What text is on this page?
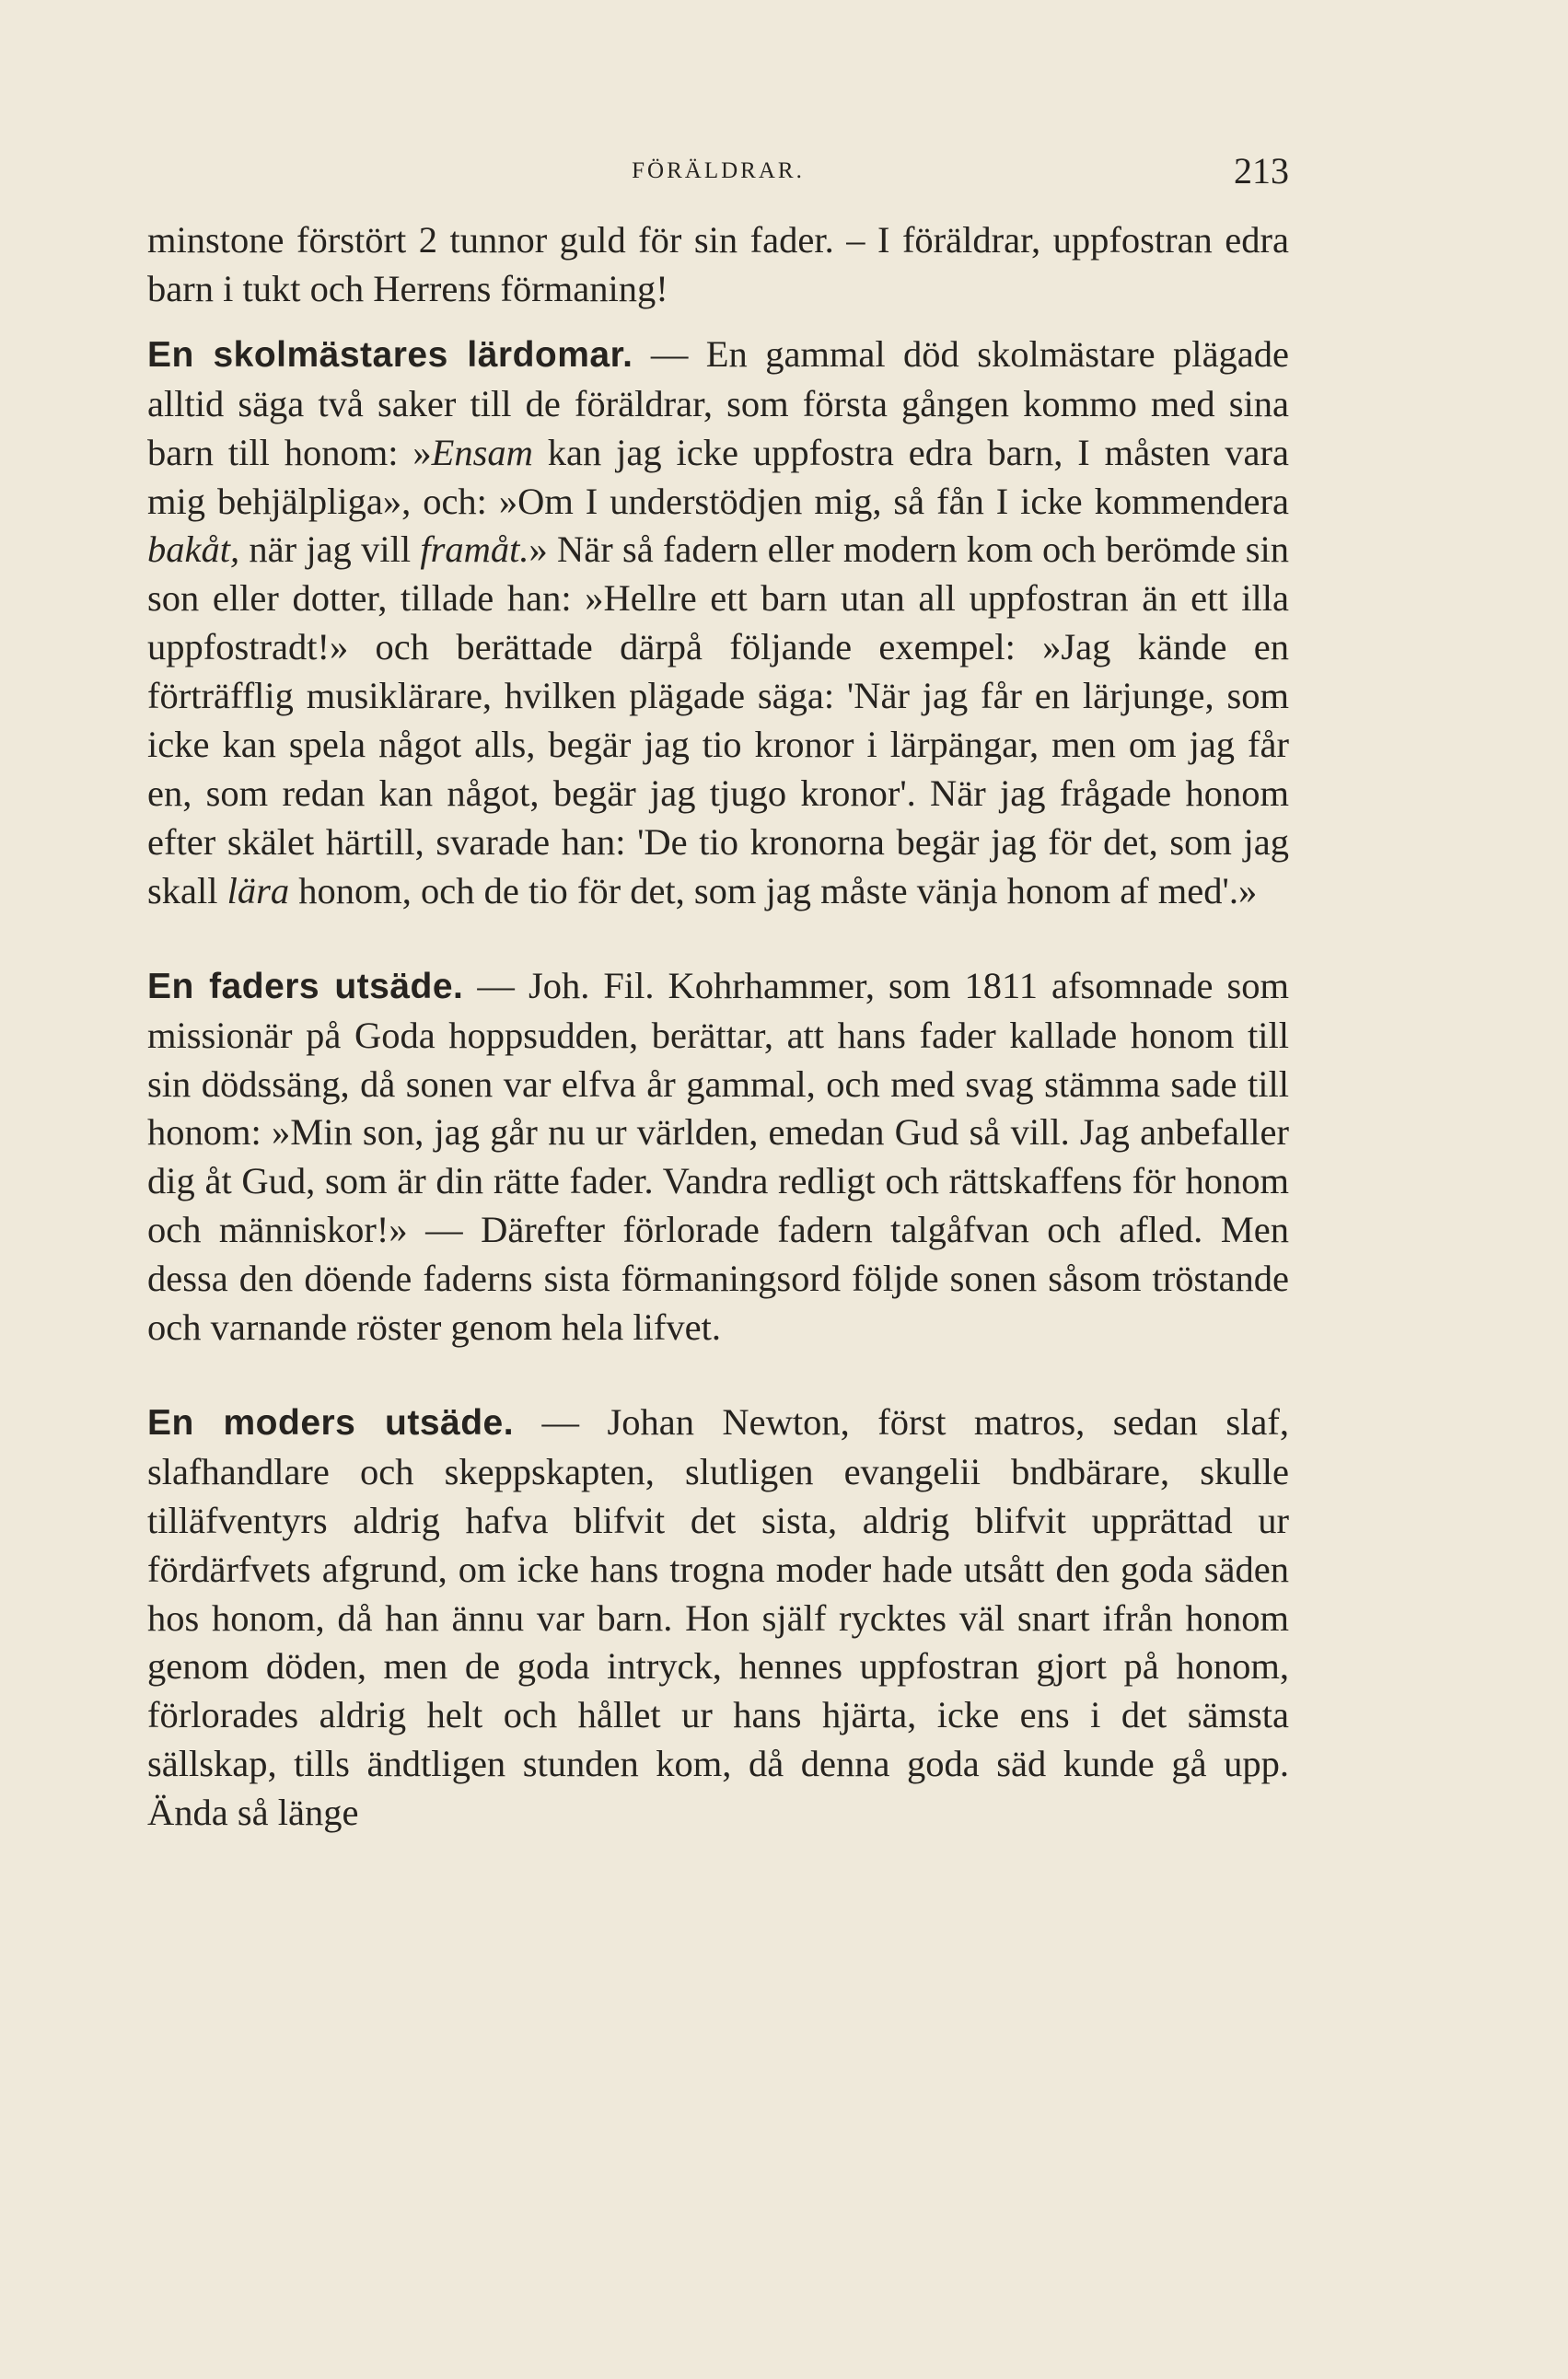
FÖRÄLDRAR.	213

minstone förstört 2 tunnor guld för sin fader. – I föräldrar, uppfostran edra barn i tukt och Herrens förmaning!

En skolmästares lärdomar. — En gammal död skolmästare plägade alltid säga två saker till de föräldrar, som första gången kommo med sina barn till honom: »Ensam kan jag icke uppfostra edra barn, I måsten vara mig behjälpliga», och: »Om I understödjen mig, så fån I icke kommendera bakåt, när jag vill framåt.» När så fadern eller modern kom och berömde sin son eller dotter, tillade han: »Hellre ett barn utan all uppfostran än ett illa uppfostradt!» och berättade därpå följande exempel: »Jag kände en förträfflig musiklärare, hvilken plägade säga: 'När jag får en lärjunge, som icke kan spela något alls, begär jag tio kronor i lärpängar, men om jag får en, som redan kan något, begär jag tjugo kronor'. När jag frågade honom efter skälet härtill, svarade han: 'De tio kronorna begär jag för det, som jag skall lära honom, och de tio för det, som jag måste vänja honom af med'.»

En faders utsäde. — Joh. Fil. Kohrhammer, som 1811 afsomnade som missionär på Goda hoppsudden, berättar, att hans fader kallade honom till sin dödssäng, då sonen var elfva år gammal, och med svag stämma sade till honom: »Min son, jag går nu ur världen, emedan Gud så vill. Jag anbefaller dig åt Gud, som är din rätte fader. Vandra redligt och rättskaffens för honom och människor!» — Därefter förlorade fadern talgåfvan och afled. Men dessa den döende faderns sista förmaningsord följde sonen såsom tröstande och varnande röster genom hela lifvet.

En moders utsäde. — Johan Newton, först matros, sedan slaf, slafhandlare och skeppskapten, slutligen evangelii bndbärare, skulle tilläfventyrs aldrig hafva blifvit det sista, aldrig blifvit upprättad ur fördärfvets afgrund, om icke hans trogna moder hade utsått den goda säden hos honom, då han ännu var barn. Hon själf rycktes väl snart ifrån honom genom döden, men de goda intryck, hennes uppfostran gjort på honom, förlorades aldrig helt och hållet ur hans hjärta, icke ens i det sämsta sällskap, tills ändtligen stunden kom, då denna goda säd kunde gå upp. Ända så länge
